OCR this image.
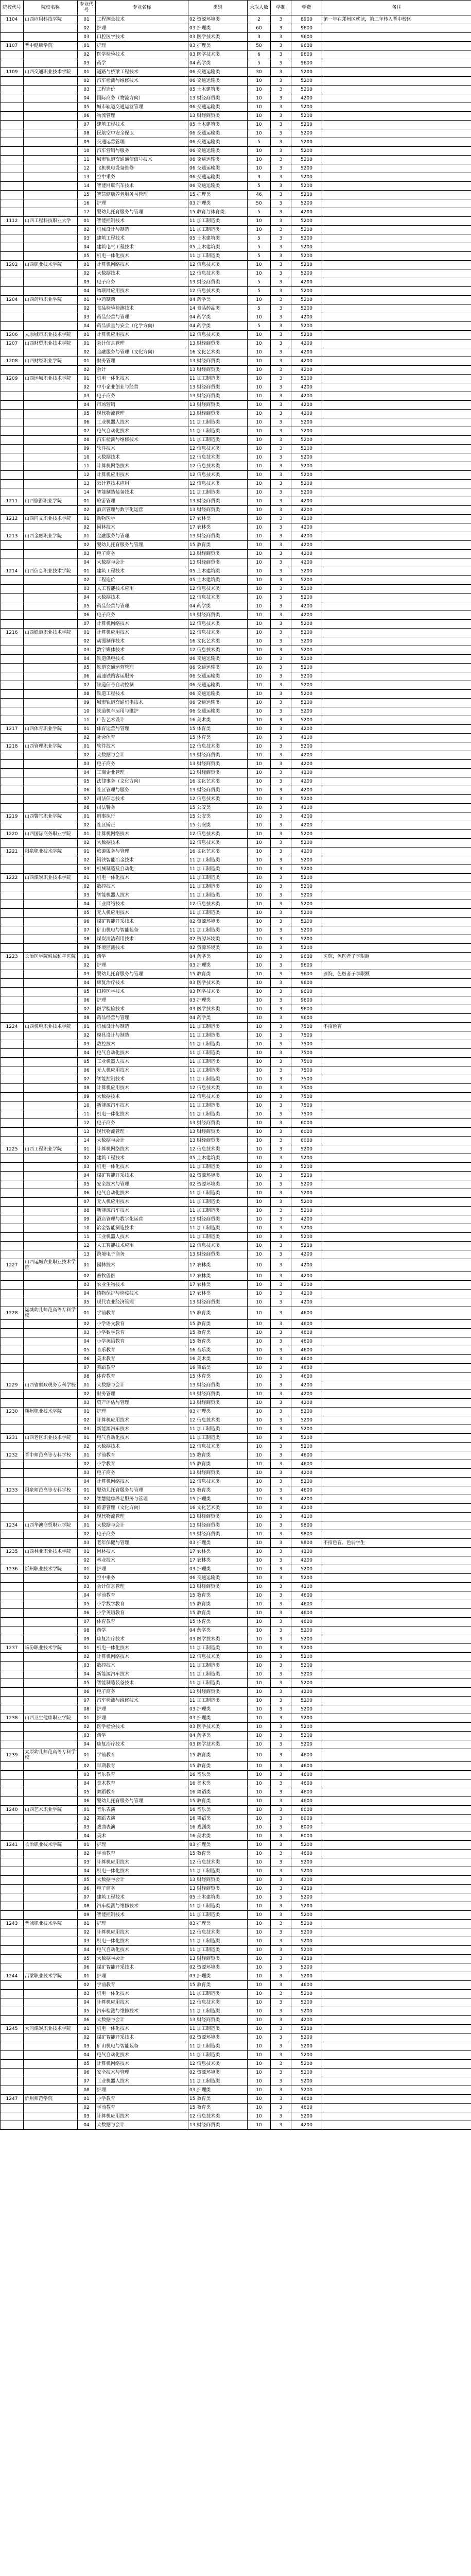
院校代号	院校名称	专业代号	专业名称	类别	录取人数	学制	学费	备注
1104	山西应用科技学院	01	工程测量技术	02 资源环境类	2	3	8900	第一年在郑州区就读，第二年转入晋中校区
		02	护理	03 护理类	60	3	9600	
		03	口腔医学技术	03 医学技术类	3	3	9600	
1107	晋中健康学院	01	护理	03 护理类	50	3	9600	
		02	医学检验技术	03 医学技术类	6	3	9600	
		03	药学	04 药学类	5	3	9600	
1109	山西交通职业技术学院	01	道路与桥梁工程技术	06 交通运输类	30	3	5200	
		02	汽车检测与维修技术	06 交通运输类	10	3	5200	
		03	工程造价	05 土木建筑类	10	3	5200	
		04	国际商务（物流方向）	13 财经商贸类	10	3	4200	
		05	城市轨道交通运营管理	06 交通运输类	10	3	5200	
		06	物流管理	13 财经商贸类	10	3	5200	
		07	建筑工程技术	05 土木建筑类	10	3	5200	
		08	民航空中安全保卫	06 交通运输类	10	3	5200	
		09	交通运营管理	06 交通运输类	5	3	5200	
		10	汽车营销与服务	06 交通运输类	10	3	5200	
		11	城市轨道交通通信信号技术	06 交通运输类	10	3	5200	
		12	飞机机电设备维修	06 交通运输类	10	3	5200	
		13	空中乘务	06 交通运输类	3	3	5200	
		14	智能网联汽车技术	06 交通运输类	5	3	5200	
		15	智慧健康养老服务与管理	15 护理类	46	3	5200	
		16	护理	03 护理类	50	3	5200	
		17	婴幼儿托育服务与管理	15 教育与体育类	5	3	4200	
1112	山西工程科技职业大学	01	智能控制技术	11 加工制造类	10	3	5200	
		02	机械设计与制造	11 加工制造类	10	3	5200	
		03	建筑工程技术	05 土木建筑类	5	3	5200	
		04	建筑电气工程技术	05 土木建筑类	5	3	5200	
		05	机电一体化技术	11 加工制造类	5	3	5200	
1202	山西职业技术学院	01	计算机网络技术	12 信息技术类	10	3	5200	
		02	大数据技术	12 信息技术类	10	3	5200	
		03	电子商务	13 财经商贸类	5	3	4200	
		04	物联网应用技术	12 信息技术类	5	3	5200	
1204	山西药科职业学院	01	中药制药	04 药学类	10	3	5200	
		02	食品检验检测技术	14 食品药品类	5	3	5200	
		03	药品经营与管理	04 药学类	10	3	4200	
		04	药品质量与安全（化学方向）	04 药学类	5	3	5200	
1206	太原城市职业技术学院	01	计算机应用技术	12 信息技术类	10	3	5200	
1207	山西财贸职业技术学院	01	会计信息管理	13 财经商贸类	10	3	4200	
		02	金融服务与管理（文化方向）	16 文化艺术类	10	3	4200	
1208	山西财经职业学院	01	财务管理	13 财经商贸类	10	3	4200	
		02	会计	13 财经商贸类	10	3	4200	
1209	山西运城职业技术学院	01	机电一体化技术	11 加工制造类	10	3	5200	
		02	中小企业创业与经营	13 财经商贸类	10	3	4200	
		03	电子商务	13 财经商贸类	10	3	4200	
		04	市场营销	13 财经商贸类	10	3	4200	
		05	现代物流管理	13 财经商贸类	10	3	4200	
		06	工业机器人技术	11 加工制造类	10	3	5200	
		07	电气自动化技术	11 加工制造类	10	3	5200	
		08	汽车检测与维修技术	11 加工制造类	10	3	5200	
		09	软件技术	12 信息技术类	10	3	5200	
		10	大数据技术	12 信息技术类	10	3	5200	
		11	计算机网络技术	12 信息技术类	10	3	5200	
		12	计算机应用技术	12 信息技术类	10	3	5200	
		13	云计算技术应用	12 信息技术类	10	3	5200	
		14	智能制造装备技术	11 加工制造类	10	3	5200	
1211	山西旅游职业学院	01	旅游管理	13 财经商贸类	10	3	4200	
		02	酒店管理与数字化运营	13 财经商贸类	10	3	4200	
1212	山西同文职业技术学院	01	动物医学	17 农林类	10	3	4200	
		02	园林技术	17 农林类	10	3	4200	
1213	山西金融职业学院	01	金融服务与管理	13 财经商贸类	10	3	4200	
		02	婴幼儿托育服务与管理	15 教育类	10	3	4200	
		03	电子商务	13 财经商贸类	10	3	4200	
		04	大数据与会计	13 财经商贸类	10	3	4200	
1214	山西信息职业技术学院	01	建筑工程技术	05 土木建筑类	10	3	5200	
		02	工程造价	05 土木建筑类	10	3	5200	
		03	人工智能技术应用	12 信息技术类	10	3	5200	
		04	大数据技术	12 信息技术类	10	3	5200	
		05	药品经营与管理	04 药学类	10	3	4200	
		06	电子商务	13 财经商贸类	10	3	4200	
		07	计算机网络技术	12 信息技术类	10	3	5200	
1216	山西铁道职业技术学院	01	计算机应用技术	12 信息技术类	10	3	5200	
		02	动漫制作技术	16 文化艺术类	10	3	5200	
		03	数字媒体技术	12 信息技术类	10	3	5200	
		04	铁道供电技术	06 交通运输类	10	3	5200	
		05	铁道交通运营管理	06 交通运输类	10	3	5200	
		06	高速铁路客运服务	06 交通运输类	10	3	5200	
		07	铁道信号自动控制	06 交通运输类	10	3	5200	
		08	铁道工程技术	06 交通运输类	10	3	5200	
		09	城市轨道交通机电技术	06 交通运输类	10	3	5200	
		10	铁道机车运用与维护	06 交通运输类	10	3	5200	
		11	广告艺术设计	16 美术类	10	3	5200	
1217	山西体育职业学院	01	体育运营与管理	15 体育类	10	3	4200	
		02	社会体育	15 体育类	10	3	4200	
1218	山西管理职业学院	01	软件技术	12 信息技术类	10	3	5200	
		02	大数据与会计	13 财经商贸类	10	3	4200	
		03	电子商务	13 财经商贸类	10	3	4200	
		04	工商企业管理	13 财经商贸类	10	3	4200	
		05	法律事务（文化方向）	16 文化艺术类	10	3	4200	
		06	社区管理与服务	13 财经商贸类	10	3	4200	
		07	司法信息技术	12 信息技术类	10	3	5200	
		08	司法警务	15 公安类	10	3	4200	
1219	山西警官职业学院	01	刑事执行	15 公安类	10	3	4200	
		02	社区矫正	15 公安类	10	3	4200	
1220	山西国际商务职业学院	01	计算机网络技术	12 信息技术类	10	3	5200	
		02	大数据技术	12 信息技术类	10	3	5200	
1221	阳泉职业技术学院	01	旅游服务与管理	16 文化艺术类	10	3	4200	
		02	钢铁智能冶金技术	11 加工制造类	10	3	5200	
		03	机械制造及自动化	11 加工制造类	10	3	5200	
1222	山西煤炭职业技术学院	01	机电一体化技术	11 加工制造类	10	3	5200	
		02	数控技术	11 加工制造类	10	3	5200	
		03	智能机器人技术	11 加工制造类	10	3	5200	
		04	工业网络技术	12 信息技术类	10	3	5200	
		05	无人机应用技术	11 加工制造类	10	3	5200	
		06	煤矿智能开采技术	02 资源环境类	10	3	5200	
		07	矿山机电与智能装备	11 加工制造类	10	3	5200	
		08	煤炭清洁利用技术	02 资源环境类	10	3	5200	
		09	环境监测技术	02 资源环境类	10	3	5200	
1223	长治医学院附属和平医院	01	药学	04 药学类	10	3	9600	医院，色医者子享限额
		02	护理	03 护理类	10	3	9600	
		03	婴幼儿托育服务与管理	15 教育类	10	3	9600	医院，色医者子享限额
		04	康复治疗技术	03 医学技术类	10	3	9600	
		05	口腔医学技术	03 医学技术类	10	3	9600	
		06	护理	03 护理类	10	3	9600	
		07	医学检验技术	03 医学技术类	10	3	9600	
		08	药品经营与管理	04 药学类	10	3	9600	
1224	山西机电职业技术学院	01	机械设计与制造	11 加工制造类	10	3	7500	不招色盲
		02	模具设计与制造	11 加工制造类	10	3	7500	
		03	数控技术	11 加工制造类	10	3	7500	
		04	电气自动化技术	11 加工制造类	10	3	7500	
		05	工业机器人技术	11 加工制造类	10	3	7500	
		06	无人机应用技术	11 加工制造类	10	3	7500	
		07	智能控制技术	11 加工制造类	10	3	7500	
		08	计算机应用技术	12 信息技术类	10	3	7500	
		09	大数据技术	12 信息技术类	10	3	7500	
		10	新能源汽车技术	11 加工制造类	10	3	7500	
		11	机电一体化技术	11 加工制造类	10	3	7500	
		12	电子商务	13 财经商贸类	10	3	6000	
		13	现代物流管理	13 财经商贸类	10	3	6000	
		14	大数据与会计	13 财经商贸类	10	3	6000	
1225	山西工程职业学院	01	计算机网络技术	12 信息技术类	10	3	5200	
		02	建筑工程技术	05 土木建筑类	10	3	5200	
		03	机电一体化技术	11 加工制造类	10	3	5200	
		04	煤矿智能开采技术	02 资源环境类	10	3	5200	
		05	安全技术与管理	02 资源环境类	10	3	5200	
		06	电气自动化技术	11 加工制造类	10	3	5200	
		07	无人机应用技术	11 加工制造类	10	3	5200	
		08	新能源汽车技术	11 加工制造类	10	3	5200	
		09	酒店管理与数字化运营	13 财经商贸类	10	3	4200	
		10	冶金智能制造技术	11 加工制造类	10	3	5200	
		11	工业机器人技术	11 加工制造类	10	3	5200	
		12	人工智能技术应用	12 信息技术类	10	3	5200	
		13	跨境电子商务	13 财经商贸类	10	3	4200	
1227	山西运城农业职业技术学院	01	园林技术	17 农林类	10	3	4200	
		02	畜牧兽医	17 农林类	10	3	4200	
		03	农业生物技术	17 农林类	10	3	4200	
		04	植物保护与检疫技术	17 农林类	10	3	4200	
		05	现代农业经济管理	13 财经商贸类	10	3	4200	
1228	运城幼儿师范高等专科学校	01	学前教育	15 教育类	10	3	4600	
		02	小学语文教育	15 教育类	10	3	4600	
		03	小学数学教育	15 教育类	10	3	4600	
		04	小学英语教育	15 教育类	10	3	4600	
		05	音乐教育	16 音乐类	10	3	4600	
		06	美术教育	16 美术类	10	3	4600	
		07	舞蹈教育	16 舞蹈类	10	3	4600	
		08	体育教育	15 体育类	10	3	4600	
1229	山西省财政税务专科学校	01	大数据与会计	13 财经商贸类	10	3	4200	
		02	财务管理	13 财经商贸类	10	3	4200	
		03	资产评估与管理	13 财经商贸类	10	3	4200	
1230	朔州职业技术学院	01	护理	03 护理类	10	3	5200	
		02	计算机应用技术	12 信息技术类	10	3	5200	
		03	新能源汽车技术	11 加工制造类	10	3	5200	
1231	山西老区职业技术学院	01	电气自动化技术	11 加工制造类	10	3	5200	
		02	大数据技术	12 信息技术类	10	3	5200	
1232	晋中师范高等专科学校	01	学前教育	15 教育类	10	3	4600	
		02	小学教育	15 教育类	10	3	4600	
		03	电子商务	13 财经商贸类	10	3	4200	
		04	计算机网络技术	12 信息技术类	10	3	5200	
1233	阳泉师范高等专科学校	01	婴幼儿托育服务与管理	15 教育类	10	3	4600	
		02	智慧健康养老服务与管理	15 护理类	10	3	4200	
		03	旅游管理（文化方向）	16 文化艺术类	10	3	4200	
		04	现代物流管理	13 财经商贸类	10	3	4200	
1234	山西华澳商贸职业学院	01	大数据与会计	13 财经商贸类	10	3	9800	
		02	电子商务	13 财经商贸类	10	3	9800	
		03	老年保健与管理	03 护理类	10	3	9800	不招色盲、色弱学生
1235	山西林业职业技术学院	01	园林技术	17 农林类	10	3	4200	
		02	林业技术	17 农林类	10	3	4200	
1236	忻州职业技术学院	01	护理	03 护理类	10	3	5200	
		02	空中乘务	06 交通运输类	10	3	5200	
		03	会计信息管理	13 财经商贸类	10	3	4200	
		04	学前教育	15 教育类	10	3	4600	
		05	小学数学教育	15 教育类	10	3	4600	
		06	小学英语教育	15 教育类	10	3	4600	
		07	体育教育	15 体育类	10	3	4600	
		08	药学	04 药学类	10	3	5200	
		09	康复治疗技术	03 医学技术类	10	3	5200	
1237	临汾职业技术学院	01	机电一体化技术	11 加工制造类	10	3	5200	
		02	计算机网络技术	12 信息技术类	10	3	5200	
		03	数控技术	11 加工制造类	10	3	5200	
		04	新能源汽车技术	11 加工制造类	10	3	5200	
		05	智能制造装备技术	11 加工制造类	10	3	5200	
		06	电子商务	13 财经商贸类	10	3	4200	
		07	汽车检测与维修技术	11 加工制造类	10	3	5200	
		08	护理	03 护理类	10	3	5200	
1238	山西卫生健康职业学院	01	护理	03 护理类	10	3	5200	
		02	医学检验技术	03 医学技术类	10	3	5200	
		03	药学	04 药学类	10	3	5200	
		04	康复治疗技术	03 医学技术类	10	3	5200	
1239	太原幼儿师范高等专科学校	01	学前教育	15 教育类	10	3	4600	
		02	早期教育	15 教育类	10	3	4600	
		03	音乐教育	16 音乐类	10	3	4600	
		04	美术教育	16 美术类	10	3	4600	
		05	舞蹈教育	16 舞蹈类	10	3	4600	
		06	婴幼儿托育服务与管理	15 教育类	10	3	4600	
1240	山西艺术职业学院	01	音乐表演	16 音乐类	10	3	8000	
		02	舞蹈表演	16 舞蹈类	10	3	8000	
		03	戏曲表演	16 戏剧类	10	3	8000	
		04	美术	16 美术类	10	3	8000	
1241	长治职业技术学院	01	护理	03 护理类	10	3	5200	
		02	学前教育	15 教育类	10	3	4600	
		03	计算机应用技术	12 信息技术类	10	3	5200	
		04	机电一体化技术	11 加工制造类	10	3	5200	
		05	大数据与会计	13 财经商贸类	10	3	4200	
		06	电子商务	13 财经商贸类	10	3	4200	
		07	建筑工程技术	05 土木建筑类	10	3	5200	
		08	汽车检测与维修技术	11 加工制造类	10	3	5200	
		09	智能控制技术	11 加工制造类	10	3	5200	
1243	晋城职业技术学院	01	护理	03 护理类	10	3	5200	
		02	计算机应用技术	12 信息技术类	10	3	5200	
		03	机电一体化技术	11 加工制造类	10	3	5200	
		04	电气自动化技术	11 加工制造类	10	3	5200	
		05	大数据与会计	13 财经商贸类	10	3	4200	
		06	煤矿智能开采技术	02 资源环境类	10	3	5200	
1244	吕梁职业技术学院	01	护理	03 护理类	10	3	5200	
		02	学前教育	15 教育类	10	3	4600	
		03	机电一体化技术	11 加工制造类	10	3	5200	
		04	计算机应用技术	12 信息技术类	10	3	5200	
		05	汽车检测与维修技术	11 加工制造类	10	3	5200	
		06	大数据与会计	13 财经商贸类	10	3	4200	
1245	大同煤炭职业技术学院	01	机电一体化技术	11 加工制造类	10	3	5200	
		02	煤矿智能开采技术	02 资源环境类	10	3	5200	
		03	矿山机电与智能装备	11 加工制造类	10	3	5200	
		04	电气自动化技术	11 加工制造类	10	3	5200	
		05	计算机网络技术	12 信息技术类	10	3	5200	
		06	安全技术与管理	02 资源环境类	10	3	5200	
		07	工业机器人技术	11 加工制造类	10	3	5200	
		08	护理	03 护理类	10	3	5200	
1247	忻州师范学院	01	小学教育	15 教育类	10	3	4600	
		02	学前教育	15 教育类	10	3	4600	
		03	计算机应用技术	12 信息技术类	10	3	5200	
		04	大数据与会计	13 财经商贸类	10	3	4200	
